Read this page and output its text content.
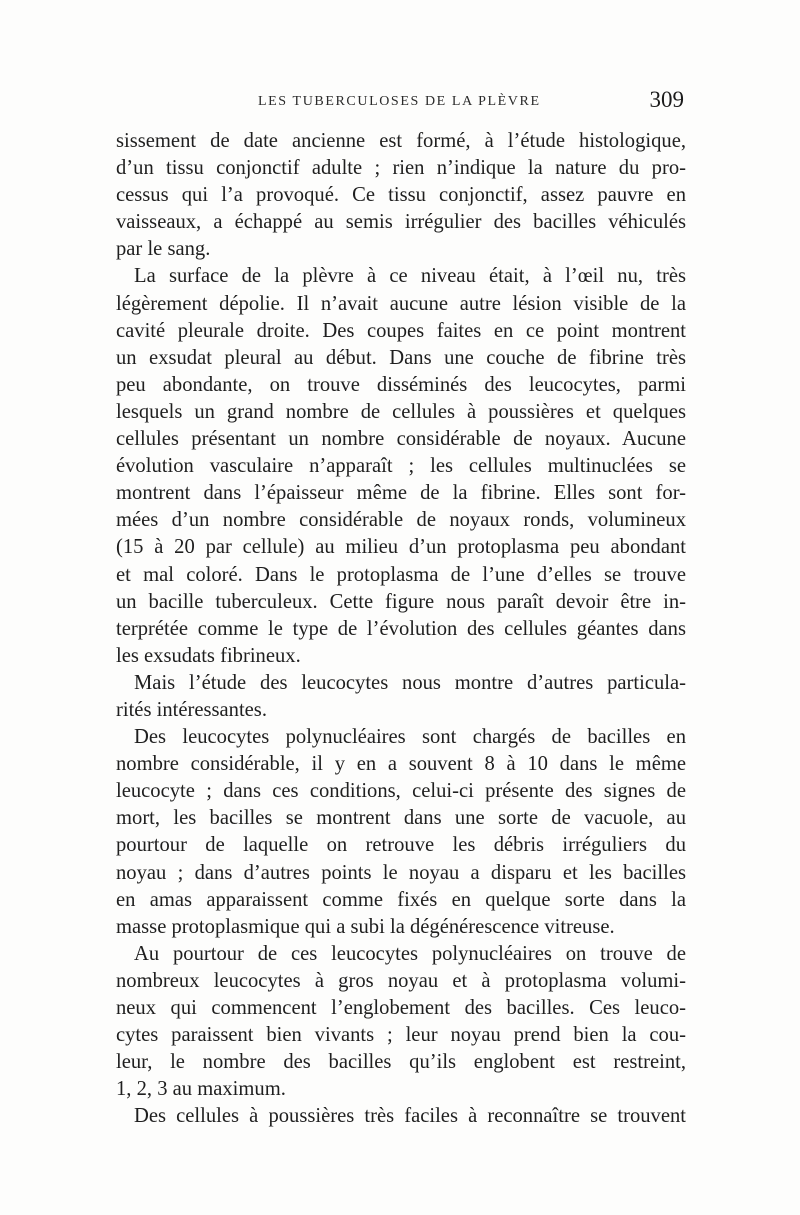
LES TUBERCULOSES DE LA PLÈVRE	309
sissement de date ancienne est formé, à l’étude histologique,
d’un tissu conjonctif adulte ; rien n’indique la nature du pro-
cessus qui l’a provoqué. Ce tissu conjonctif, assez pauvre en
vaisseaux, a échappé au semis irrégulier des bacilles véhiculés
par le sang.
La surface de la plèvre à ce niveau était, à l’œil nu, très
légèrement dépolie. Il n’avait aucune autre lésion visible de la
cavité pleurale droite. Des coupes faites en ce point montrent
un exsudat pleural au début. Dans une couche de fibrine très
peu abondante, on trouve disséminés des leucocytes, parmi
lesquels un grand nombre de cellules à poussières et quelques
cellules présentant un nombre considérable de noyaux. Aucune
évolution vasculaire n’apparaît ; les cellules multinuclées se
montrent dans l’épaisseur même de la fibrine. Elles sont for-
mées d’un nombre considérable de noyaux ronds, volumineux
(15 à 20 par cellule) au milieu d’un protoplasma peu abondant
et mal coloré. Dans le protoplasma de l’une d’elles se trouve
un bacille tuberculeux. Cette figure nous paraît devoir être in-
terprétée comme le type de l’évolution des cellules géantes dans
les exsudats fibrineux.
Mais l’étude des leucocytes nous montre d’autres particula-
rités intéressantes.
Des leucocytes polynucléaires sont chargés de bacilles en
nombre considérable, il y en a souvent 8 à 10 dans le même
leucocyte ; dans ces conditions, celui-ci présente des signes de
mort, les bacilles se montrent dans une sorte de vacuole, au
pourtour de laquelle on retrouve les débris irréguliers du
noyau ; dans d’autres points le noyau a disparu et les bacilles
en amas apparaissent comme fixés en quelque sorte dans la
masse protoplasmique qui a subi la dégénérescence vitreuse.
Au pourtour de ces leucocytes polynucléaires on trouve de
nombreux leucocytes à gros noyau et à protoplasma volumi-
neux qui commencent l’englobement des bacilles. Ces leuco-
cytes paraissent bien vivants ; leur noyau prend bien la cou-
leur, le nombre des bacilles qu’ils englobent est restreint,
1, 2, 3 au maximum.
Des cellules à poussières très faciles à reconnaître se trouvent
